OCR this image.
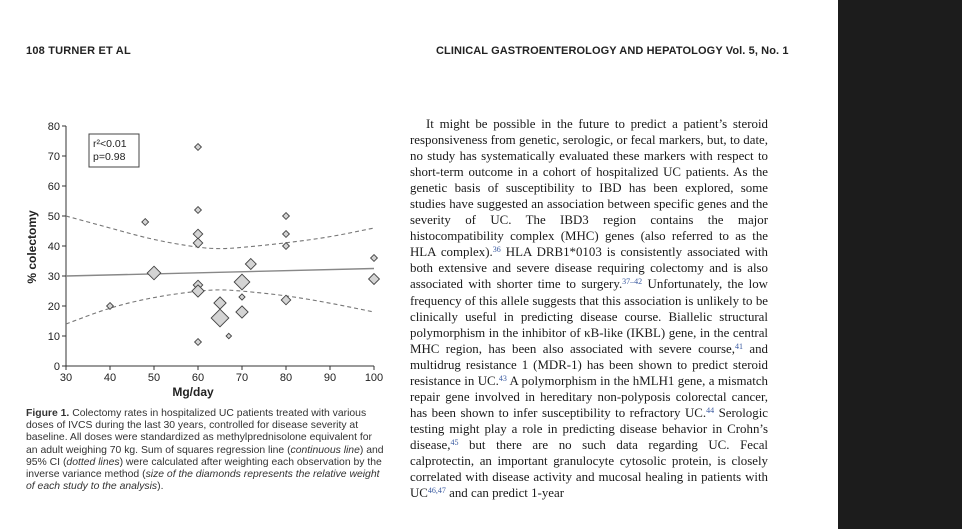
108 TURNER ET AL	CLINICAL GASTROENTEROLOGY AND HEPATOLOGY Vol. 5, No. 1
30	40	50	60	70	80	90	100
0
10
20
30
40
50
60
70
80
r²<0.01
p=0.98
Mg/day
% colectomy
Figure 1. Colectomy rates in hospitalized UC patients treated with various doses of IVCS during the last 30 years, controlled for disease severity at baseline. All doses were standardized as methylprednisolone equivalent for an adult weighing 70 kg. Sum of squares regression line (continuous line) and 95% CI (dotted lines) were calculated after weighting each observation by the inverse variance method (size of the diamonds represents the relative weight of each study to the analysis).

It might be possible in the future to predict a patient’s steroid responsiveness from genetic, serologic, or fecal markers, but, to date, no study has systematically evaluated these markers with respect to short-term outcome in a cohort of hospitalized UC patients. As the genetic basis of susceptibility to IBD has been explored, some studies have suggested an association between specific genes and the severity of UC. The IBD3 region contains the major histocompatibility complex (MHC) genes (also referred to as the HLA complex).$^{36}$ HLA DRB1*0103 is consistently associated with both extensive and severe disease requiring colectomy and is also associated with shorter time to surgery.$^{37-42}$ Unfortunately, the low frequency of this allele suggests that this association is unlikely to be clinically useful in predicting disease course. Biallelic structural polymorphism in the inhibitor of κB-like (IKBL) gene, in the central MHC region, has been also associated with severe course,$^{41}$ and multidrug resistance 1 (MDR-1) has been shown to predict steroid resistance in UC.$^{43}$ A polymorphism in the hMLH1 gene, a mismatch repair gene involved in hereditary non-polyposis colorectal cancer, has been shown to infer susceptibility to refractory UC.$^{44}$ Serologic testing might play a role in predicting disease behavior in Crohn’s disease,$^{45}$ but there are no such data regarding UC. Fecal calprotectin, an important granulocyte cytosolic protein, is closely correlated with disease activity and mucosal healing in patients with UC$^{46,47}$ and can predict 1-year
